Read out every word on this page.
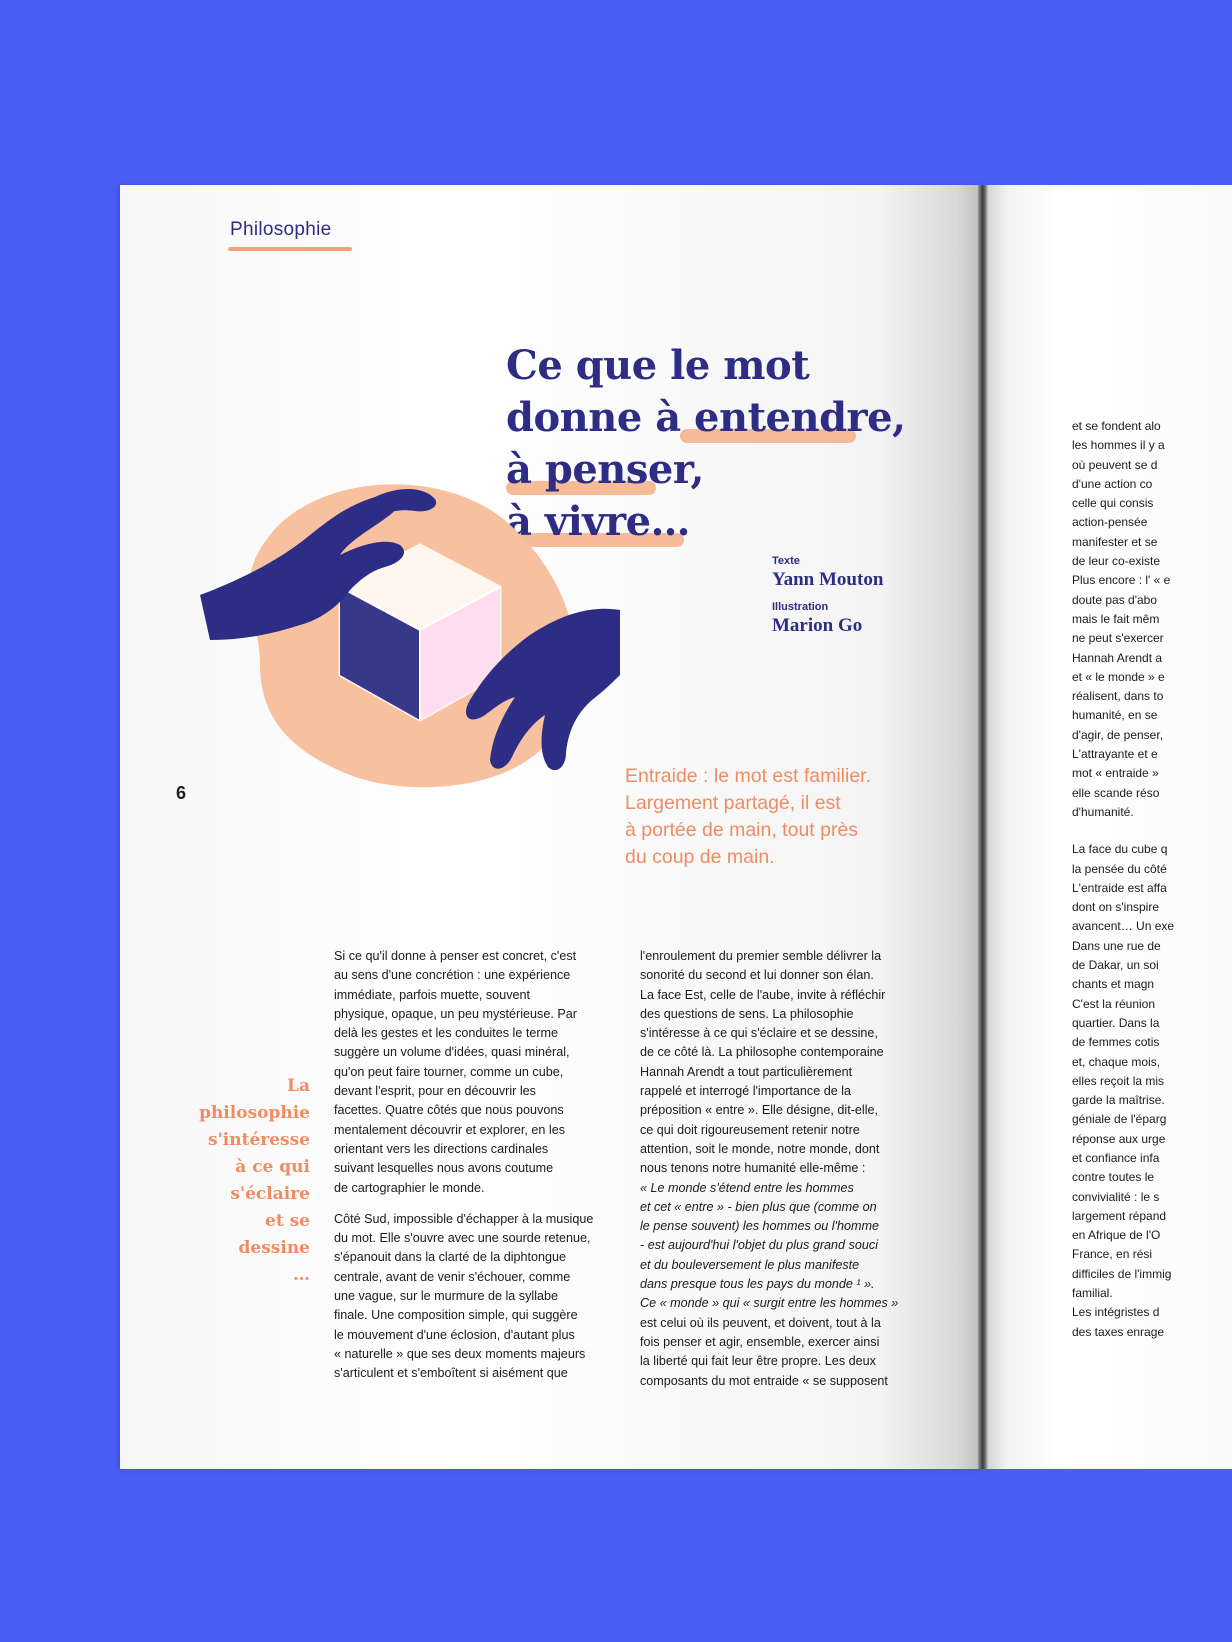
Philosophie
Ce que le mot
donne à entendre,
à penser,
à vivre…

Texte

Yann Mouton

Illustration

Marion Go

6
Entraide : le mot est familier.
Largement partagé, il est
à portée de main, tout près
du coup de main.
La
philosophie
s'intéresse
à ce qui
s'éclaire
et se
dessine
…
Si ce qu'il donne à penser est concret, c'est
au sens d'une concrétion : une expérience
immédiate, parfois muette, souvent
physique, opaque, un peu mystérieuse. Par
delà les gestes et les conduites le terme
suggère un volume d'idées, quasi minéral,
qu'on peut faire tourner, comme un cube,
devant l'esprit, pour en découvrir les
facettes. Quatre côtés que nous pouvons
mentalement découvrir et explorer, en les
orientant vers les directions cardinales
suivant lesquelles nous avons coutume
de cartographier le monde.
Côté Sud, impossible d'échapper à la musique
du mot. Elle s'ouvre avec une sourde retenue,
s'épanouit dans la clarté de la diphtongue
centrale, avant de venir s'échouer, comme
une vague, sur le murmure de la syllabe
finale. Une composition simple, qui suggère
le mouvement d'une éclosion, d'autant plus
« naturelle » que ses deux moments majeurs
s'articulent et s'emboîtent si aisément que
l'enroulement du premier semble délivrer la
sonorité du second et lui donner son élan.
La face Est, celle de l'aube, invite à réfléchir
des questions de sens. La philosophie
s'intéresse à ce qui s'éclaire et se dessine,
de ce côté là. La philosophe contemporaine
Hannah Arendt a tout particulièrement
rappelé et interrogé l'importance de la
préposition « entre ». Elle désigne, dit-elle,
ce qui doit rigoureusement retenir notre
attention, soit le monde, notre monde, dont
nous tenons notre humanité elle-même :
« Le monde s'étend entre les hommes
et cet « entre » - bien plus que (comme on
le pense souvent) les hommes ou l'homme
- est aujourd'hui l'objet du plus grand souci
et du bouleversement le plus manifeste
dans presque tous les pays du monde ¹ ».
Ce « monde » qui « surgit entre les hommes »
est celui où ils peuvent, et doivent, tout à la
fois penser et agir, ensemble, exercer ainsi
la liberté qui fait leur être propre. Les deux
composants du mot entraide « se supposent
et se fondent alo
les hommes il y a
où peuvent se d
d'une action co
celle qui consis
action-pensée
manifester et se
de leur co-existe
Plus encore : l' « e
doute pas d'abo
mais le fait mêm
ne peut s'exercer
Hannah Arendt a
et « le monde » e
réalisent, dans to
humanité, en se
d'agir, de penser,
L'attrayante et e
mot « entraide »
elle scande réso
d'humanité.
La face du cube q
la pensée du côté
L'entraide est affa
dont on s'inspire
avancent… Un exe
Dans une rue de
de Dakar, un soi
chants et magn
C'est la réunion
quartier. Dans la
de femmes cotis
et, chaque mois,
elles reçoit la mis
garde la maîtrise.
géniale de l'éparg
réponse aux urge
et confiance infa
contre toutes le
convivialité : le s
largement répand
en Afrique de l'O
France, en rési
difficiles de l'immig
familial.
Les intégristes d
des taxes enrage
